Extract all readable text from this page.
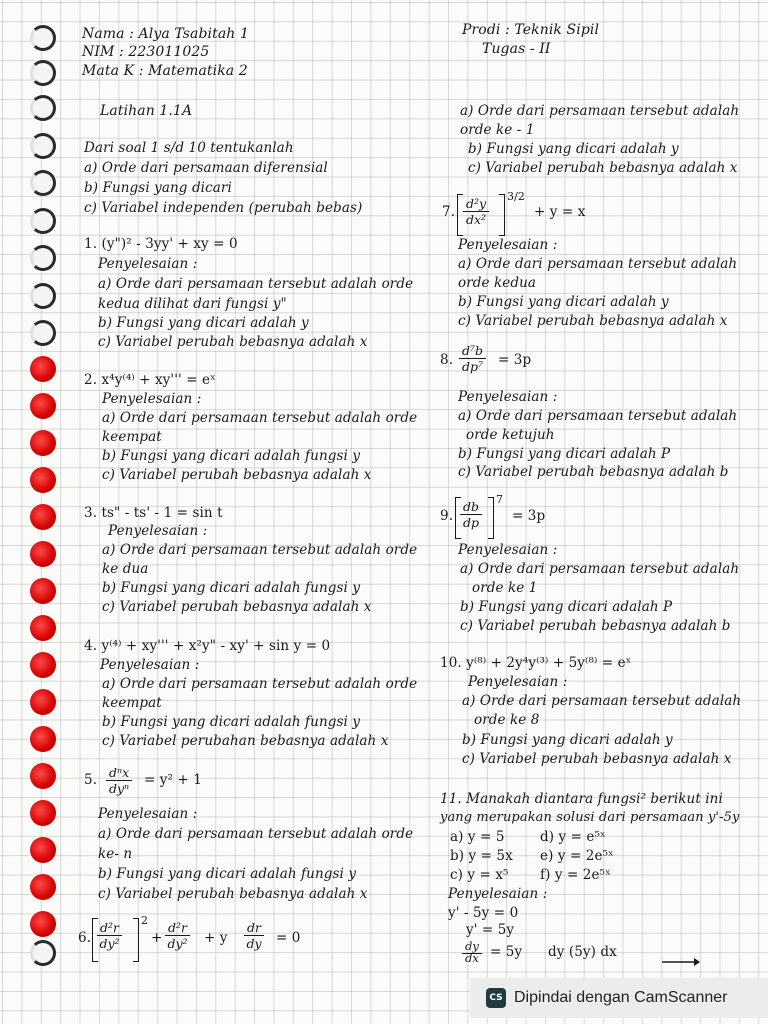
Nama : Alya Tsabitah 1
NIM : 223011025
Mata K : Matematika 2
Prodi : Teknik Sipil
Tugas - II
Latihan 1.1A
Dari soal 1 s/d 10 tentukanlah
a) Orde dari persamaan diferensial
b) Fungsi yang dicari
c) Variabel independen (perubah bebas)
1. (y")² - 3yy' + xy = 0
Penyelesaian :
a) Orde dari persamaan tersebut adalah orde
kedua dilihat dari fungsi y"
b) Fungsi yang dicari adalah y
c) Variabel perubah bebasnya adalah x
2. x⁴y⁽⁴⁾ + xy''' = eˣ
Penyelesaian :
a) Orde dari persamaan tersebut adalah orde
keempat
b) Fungsi yang dicari adalah fungsi y
c) Variabel perubah bebasnya adalah x
3. ts" - ts' - 1 = sin t
Penyelesaian :
a) Orde dari persamaan tersebut adalah orde
ke dua
b) Fungsi yang dicari adalah fungsi y
c) Variabel perubah bebasnya adalah x
4. y⁽⁴⁾ + xy''' + x²y" - xy' + sin y = 0
Penyelesaian :
a) Orde dari persamaan tersebut adalah orde
keempat
b) Fungsi yang dicari adalah fungsi y
c) Variabel perubahan bebasnya adalah x
5. dⁿx
dyⁿ
= y² + 1
Penyelesaian :
a) Orde dari persamaan tersebut adalah orde
ke- n
b) Fungsi yang dicari adalah fungsi y
c) Variabel perubah bebasnya adalah x
6. $\frac{\text{d²r}}{\text{dy²}} 2$
+ $\frac{\text{d²r}}{\text{dy²}} + y \frac{dr}{dy} = 0$
a) Orde dari persamaan tersebut adalah
orde ke - 1
b) Fungsi yang dicari adalah y
c) Variabel perubah bebasnya adalah x
7. $\frac{\text{d²y}}{\text{dx²}} 3/2$
+ y = x
Penyelesaian :
a) Orde dari persamaan tersebut adalah
orde kedua
b) Fungsi yang dicari adalah y
c) Variabel perubah bebasnya adalah x
8. $\frac{\text{d⁷b}}{\text{dp⁷}} = 3p$
Penyelesaian :
a) Orde dari persamaan tersebut adalah
orde ketujuh
b) Fungsi yang dicari adalah P
c) Variabel perubah bebasnya adalah b
9. $\frac{db}{dp} 7$
= 3p
Penyelesaian :
a) Orde dari persamaan tersebut adalah
orde ke 1
b) Fungsi yang dicari adalah P
c) Variabel perubah bebasnya adalah b
10. y⁽⁸⁾ + 2y⁴y⁽³⁾ + 5y⁽⁸⁾ = eˣ
Penyelesaian :
a) Orde dari persamaan tersebut adalah
orde ke 8
b) Fungsi yang dicari adalah y
c) Variabel perubah bebasnya adalah x
11. Manakah diantara fungsi² berikut ini
yang merupakan solusi dari persamaan y'-5y
a) y = 5
b) y = 5x
c) y = x⁵
d) y = e⁵ˣ
e) y = 2e⁵ˣ
f) y = 2e⁵ˣ
Penyelesaian :
y' - 5y = 0
y' = 5y
$\frac{dy}{dx} = 5y$ dy (5y) dx
CS Dipindai dengan CamScanner
